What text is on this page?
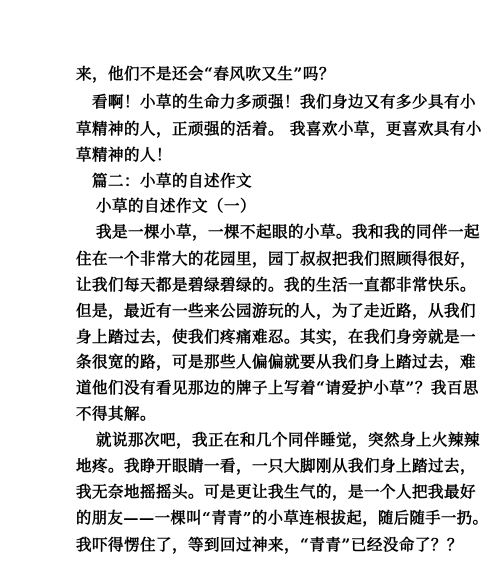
来，他们不是还会“春风吹又生”吗？
看啊！小草的生命力多顽强！我们身边又有多少具有小
草精神的人，正顽强的活着。 我喜欢小草，更喜欢具有小
草精神的人！
篇二：小草的自述作文
小草的自述作文（一）
我是一棵小草，一棵不起眼的小草。我和我的同伴一起
住在一个非常大的花园里，园丁叔叔把我们照顾得很好，
让我们每天都是碧绿碧绿的。我的生活一直都非常快乐。
但是，最近有一些来公园游玩的人，为了走近路，从我们
身上踏过去，使我们疼痛难忍。其实，在我们身旁就是一
条很宽的路，可是那些人偏偏就要从我们身上踏过去，难
道他们没有看见那边的牌子上写着“请爱护小草”？我百思
不得其解。
就说那次吧，我正在和几个同伴睡觉，突然身上火辣辣
地疼。我睁开眼睛一看，一只大脚刚从我们身上踏过去，
我无奈地摇摇头。可是更让我生气的，是一个人把我最好
的朋友——一棵叫“青青”的小草连根拔起，随后随手一扔。
我吓得愣住了，等到回过神来，“青青”已经没命了？？
